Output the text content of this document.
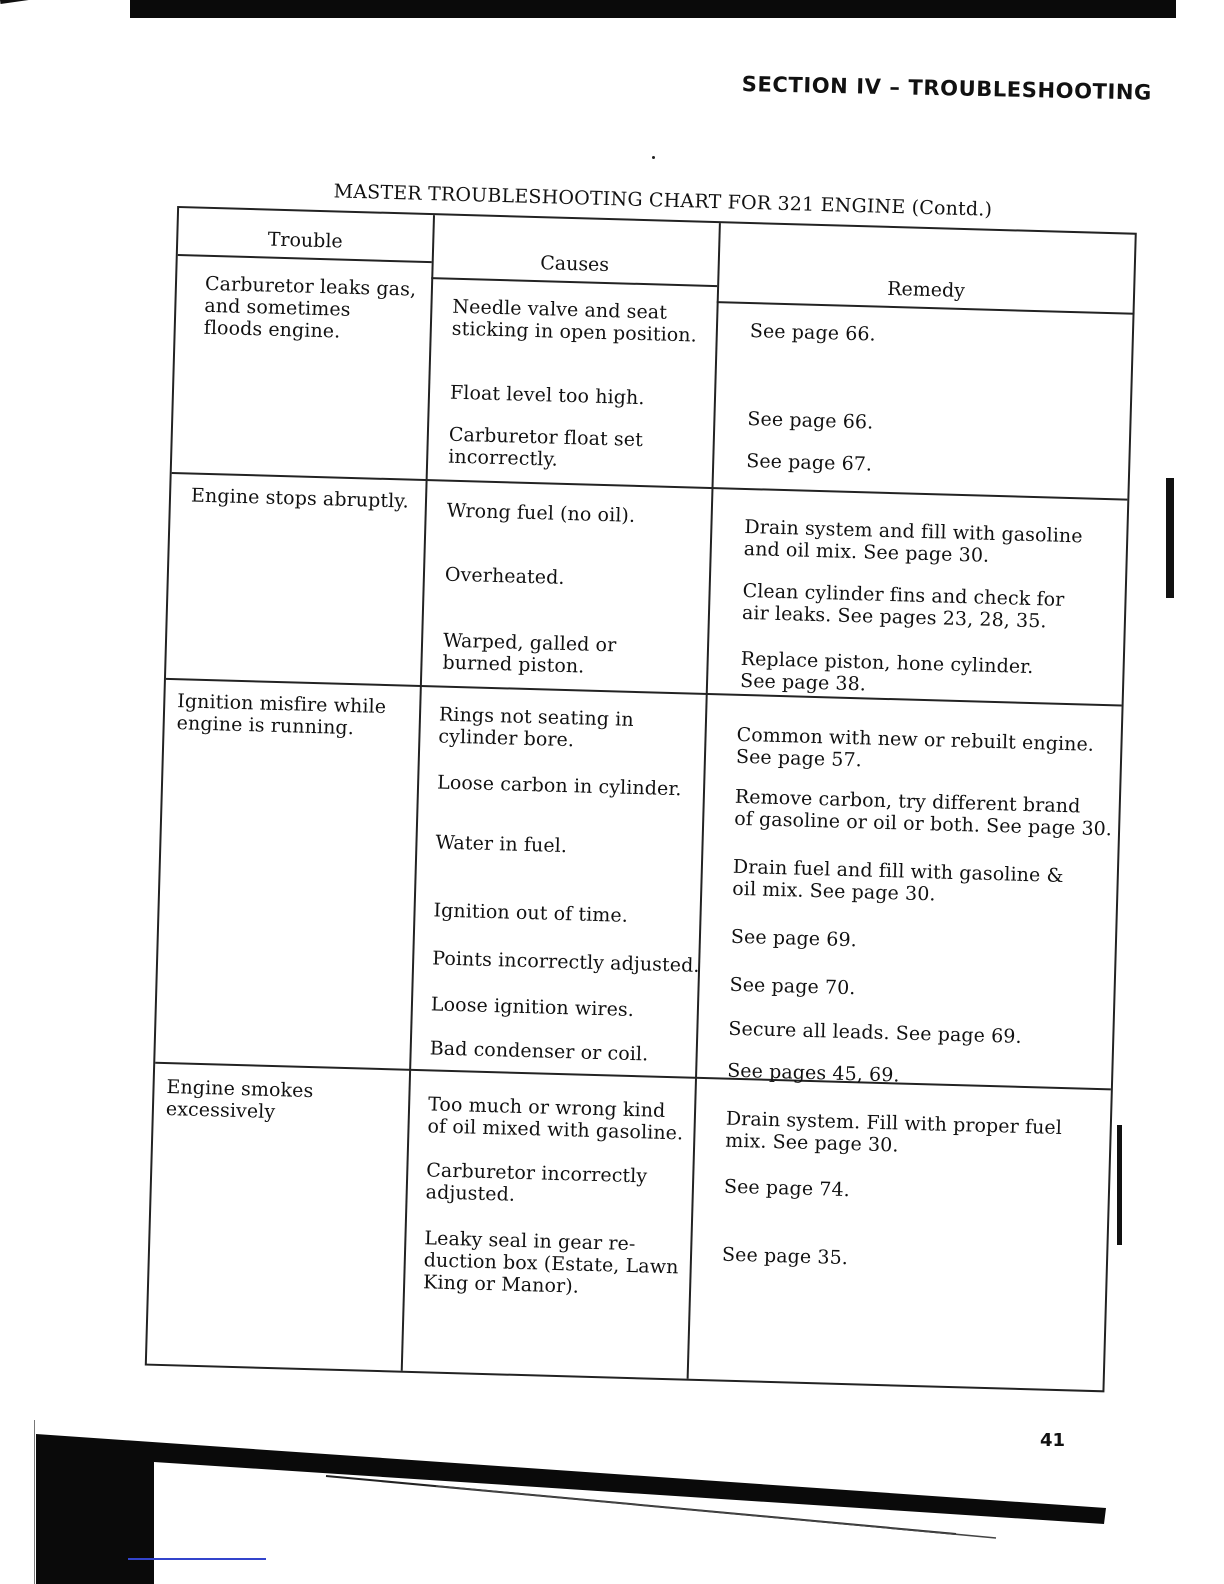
SECTION IV – TROUBLESHOOTING
MASTER TROUBLESHOOTING CHART FOR 321 ENGINE (Contd.)
Trouble
Causes
Remedy
Carburetor leaks gas,
and sometimes
floods engine.
Needle valve and seat
sticking in open position.
Float level too high.
Carburetor float set
incorrectly.
See page 66.
See page 66.
See page 67.
Engine stops abruptly.
Wrong fuel (no oil).
Overheated.
Warped, galled or
burned piston.
Drain system and fill with gasoline
and oil mix. See page 30.
Clean cylinder fins and check for
air leaks. See pages 23, 28, 35.
Replace piston, hone cylinder.
See page 38.
Ignition misfire while
engine is running.	Rings not seating in
cylinder bore.
Loose carbon in cylinder.
Water in fuel.
Ignition out of time.
Points incorrectly adjusted.
Loose ignition wires.
Bad condenser or coil.
Common with new or rebuilt engine.
See page 57.
Remove carbon, try different brand
of gasoline or oil or both. See page 30.
Drain fuel and fill with gasoline &
oil mix. See page 30.
See page 69.
See page 70.
Secure all leads. See page 69.
See pages 45, 69.
Engine smokes
excessively	Too much or wrong kind
of oil mixed with gasoline.
Carburetor incorrectly
adjusted.
Leaky seal in gear re-
duction box (Estate, Lawn
King or Manor).
Drain system. Fill with proper fuel
mix. See page 30.
See page 74.
See page 35.
41
